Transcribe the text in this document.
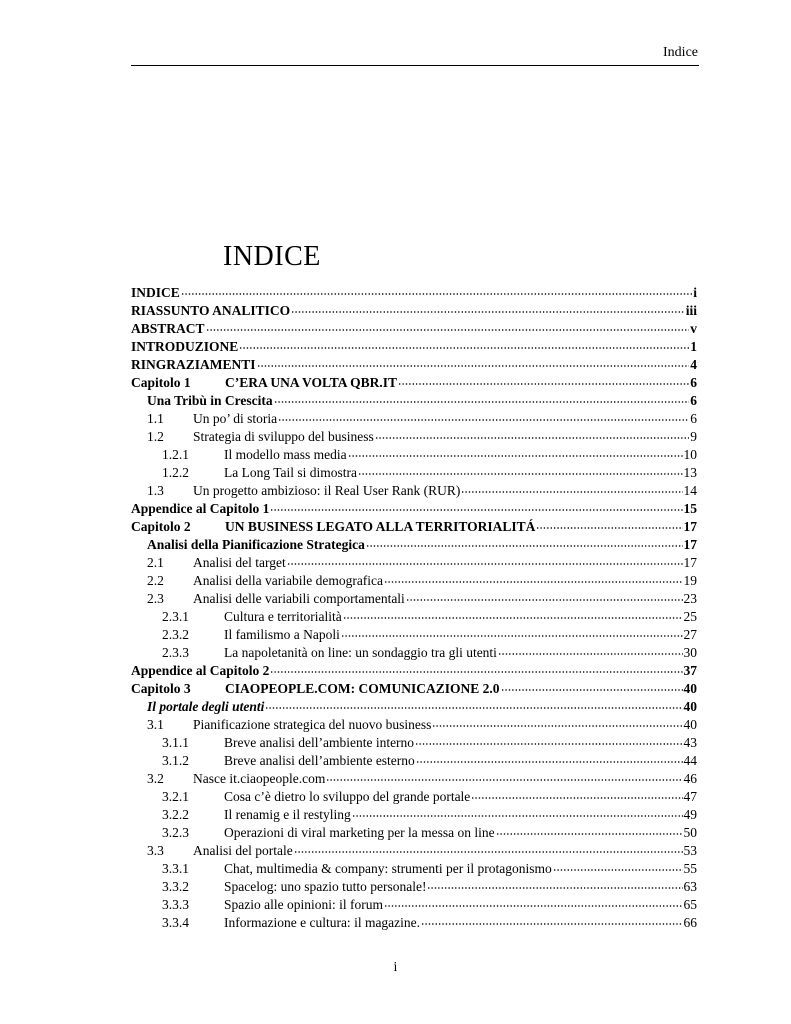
Indice
INDICE
INDICE	i
RIASSUNTO ANALITICO	iii
ABSTRACT	v
INTRODUZIONE	1
RINGRAZIAMENTI	4
Capitolo 1	C’ERA UNA VOLTA QBR.IT	6
Una Tribù in Crescita	6
1.1	Un po’ di storia	6
1.2	Strategia di sviluppo del business	9
1.2.1	Il modello mass media	10
1.2.2	La Long Tail si dimostra	13
1.3	Un progetto ambizioso: il Real User Rank (RUR)	14
Appendice al Capitolo 1	15
Capitolo 2	UN BUSINESS LEGATO ALLA TERRITORIALITÁ	17
Analisi della Pianificazione Strategica	17
2.1	Analisi del target	17
2.2	Analisi della variabile demografica	19
2.3	Analisi delle variabili comportamentali	23
2.3.1	Cultura e territorialità	25
2.3.2	Il familismo a Napoli	27
2.3.3	La napoletanità on line: un sondaggio tra gli utenti	30
Appendice al Capitolo 2	37
Capitolo 3	CIAOPEOPLE.COM: COMUNICAZIONE 2.0	40
Il portale degli utenti	40
3.1	Pianificazione strategica del nuovo business	40
3.1.1	Breve analisi dell’ambiente interno	43
3.1.2	Breve analisi dell’ambiente esterno	44
3.2	Nasce it.ciaopeople.com	46
3.2.1	Cosa c’è dietro lo sviluppo del grande portale	47
3.2.2	Il renamig e il restyling	49
3.2.3	Operazioni di viral marketing per la messa on line	50
3.3	Analisi del portale	53
3.3.1	Chat, multimedia & company: strumenti per il protagonismo	55
3.3.2	Spacelog: uno spazio tutto personale!	63
3.3.3	Spazio alle opinioni: il forum	65
3.3.4	Informazione e cultura: il magazine.	66
i
